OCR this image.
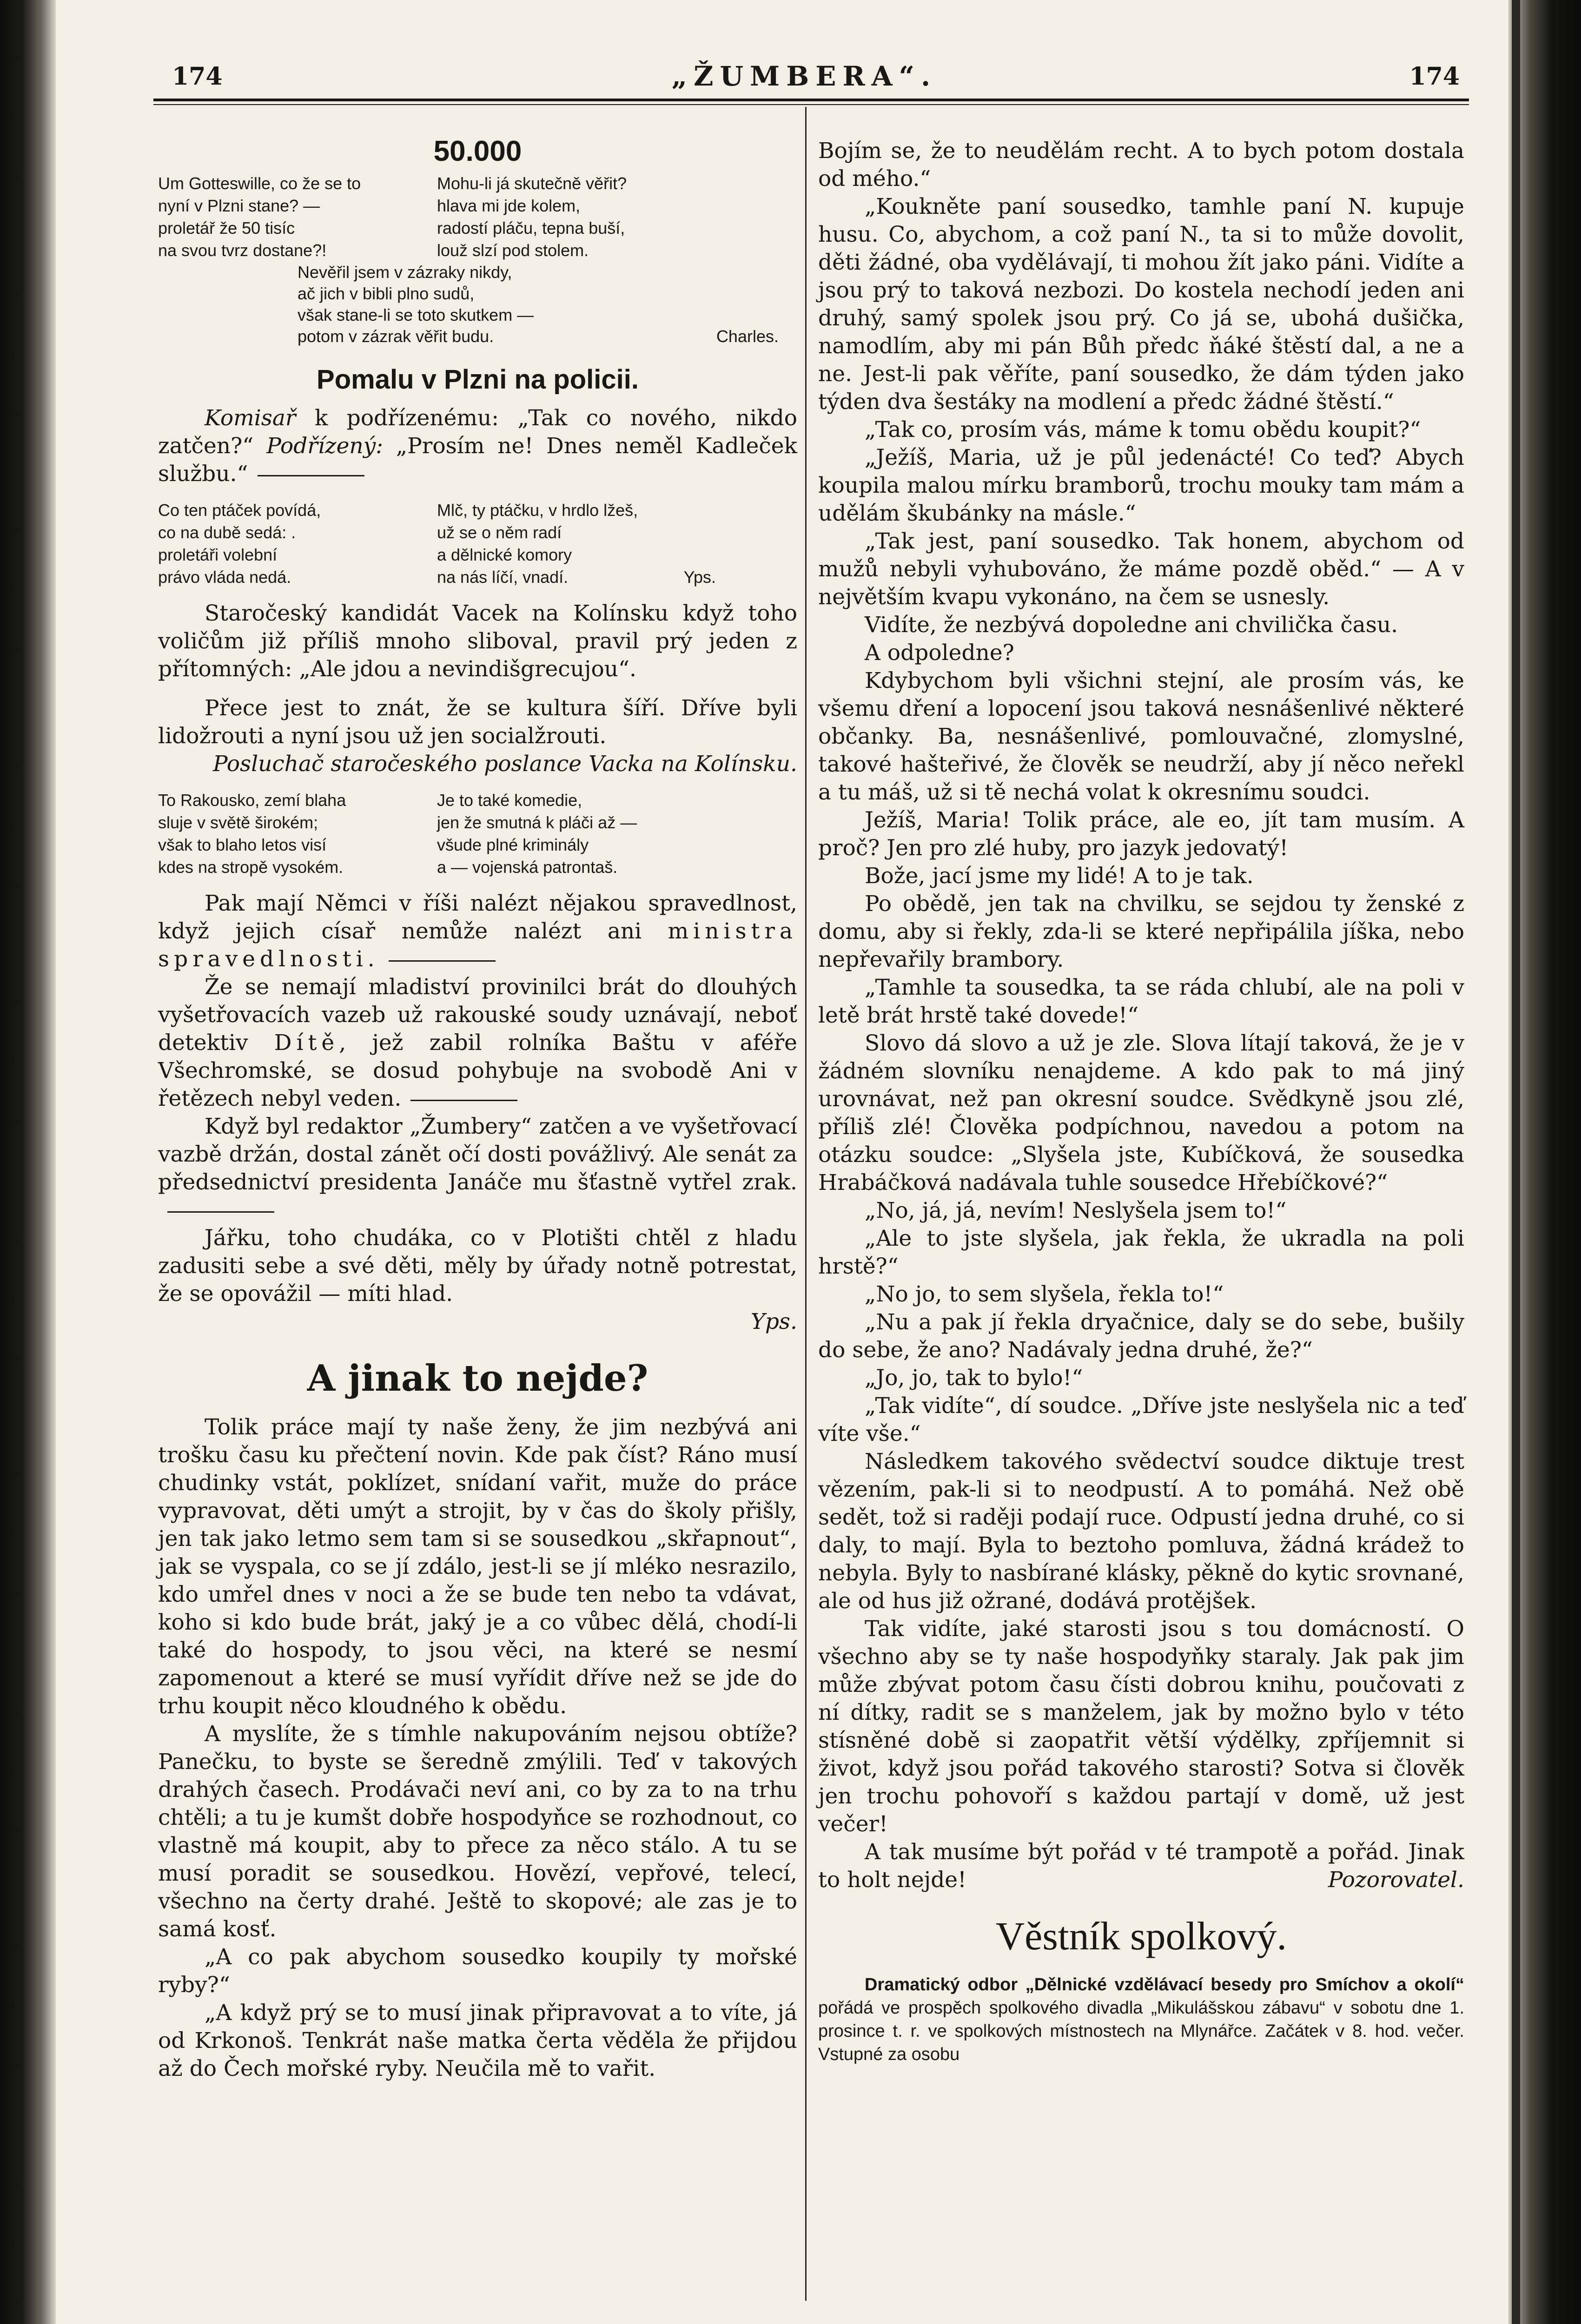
174	„ŽUMBERA“.	174
50.000
Um Gotteswille, co že se to
nyní v Plzni stane? —
proletář že 50 tisíc
na svou tvrz dostane?!
Mohu-li já skutečně věřit?
hlava mi jde kolem,
radostí pláču, tepna buší,
louž slzí pod stolem.
Nevěřil jsem v zázraky nikdy,
ač jich v bibli plno sudů,
však stane-li se toto skutkem —
potom v zázrak věřit budu.	Charles.
Pomalu v Plzni na policii.

Komisař k podřízenému: „Tak co nového, nikdo zatčen?“ Podřízený: „Prosím ne! Dnes neměl Kadleček službu.“

Co ten ptáček povídá,
co na dubě sedá: .
proletáři volební
právo vláda nedá.
Mlč, ty ptáčku, v hrdlo lžeš,
už se o něm radí
a dělnické komory
na nás líčí, vnadí.	Yps.

Staročeský kandidát Vacek na Kolínsku když toho voličům již příliš mnoho sliboval, pravil prý jeden z přítomných: „Ale jdou a nevindišgrecujou“.

Přece jest to znát, že se kultura šíří. Dříve byli lidožrouti a nyní jsou už jen socialžrouti.

Posluchač staročeského poslance Vacka na Kolínsku.

To Rakousko, zemí blaha
sluje v světě širokém;
však to blaho letos visí
kdes na stropě vysokém.
Je to také komedie,
jen že smutná k pláči až —
všude plné kriminály
a — vojenská patrontaš.

Pak mají Němci v říši nalézt nějakou spravedlnost, když jejich císař nemůže nalézt ani ministra spravedlnosti.

Že se nemají mladiství provinilci brát do dlouhých vyšetřovacích vazeb už rakouské soudy uznávají, neboť detektiv Dítě, jež zabil rolníka Baštu v aféře Všechromské, se dosud pohybuje na svobodě Ani v řetězech nebyl veden.

Když byl redaktor „Žumbery“ zatčen a ve vyšetřovací vazbě držán, dostal zánět očí dosti povážlivý. Ale senát za předsednictví presidenta Janáče mu šťastně vytřel zrak.

Jářku, toho chudáka, co v Plotišti chtěl z hladu zadusiti sebe a své děti, měly by úřady notně potrestat, že se opovážil — míti hlad.

Yps.

A jinak to nejde?

Tolik práce mají ty naše ženy, že jim nezbývá ani trošku času ku přečtení novin. Kde pak číst? Ráno musí chudinky vstát, poklízet, snídaní vařit, muže do práce vypravovat, děti umýt a strojit, by v čas do školy přišly, jen tak jako letmo sem tam si se sousedkou „skřapnout“, jak se vyspala, co se jí zdálo, jest-li se jí mléko nesrazilo, kdo umřel dnes v noci a že se bude ten nebo ta vdávat, koho si kdo bude brát, jaký je a co vůbec dělá, chodí-li také do hospody, to jsou věci, na které se nesmí zapomenout a které se musí vyřídit dříve než se jde do trhu koupit něco kloudného k obědu.

A myslíte, že s tímhle nakupováním nejsou obtíže? Panečku, to byste se šeredně zmýlili. Teď v takových drahých časech. Prodávači neví ani, co by za to na trhu chtěli; a tu je kumšt dobře hospodyňce se rozhodnout, co vlastně má koupit, aby to přece za něco stálo. A tu se musí poradit se sousedkou. Hovězí, vepřové, telecí, všechno na čerty drahé. Ještě to skopové; ale zas je to samá kosť.

„A co pak abychom sousedko koupily ty mořské ryby?“

„A když prý se to musí jinak připravovat a to víte, já od Krkonoš. Tenkrát naše matka čerta věděla že přijdou až do Čech mořské ryby. Neučila mě to vařit.

Bojím se, že to neudělám recht. A to bych potom dostala od mého.“

„Koukněte paní sousedko, tamhle paní N. kupuje husu. Co, abychom, a což paní N., ta si to může dovolit, děti žádné, oba vydělávají, ti mohou žít jako páni. Vidíte a jsou prý to taková nezbozi. Do kostela nechodí jeden ani druhý, samý spolek jsou prý. Co já se, ubohá dušička, namodlím, aby mi pán Bůh předc ňáké štěstí dal, a ne a ne. Jest-li pak věříte, paní sousedko, že dám týden jako týden dva šestáky na modlení a předc žádné štěstí.“

„Tak co, prosím vás, máme k tomu obědu koupit?“

„Ježíš, Maria, už je půl jedenácté! Co teď? Abych koupila malou mírku bramborů, trochu mouky tam mám a udělám škubánky na másle.“

„Tak jest, paní sousedko. Tak honem, abychom od mužů nebyli vyhubováno, že máme pozdě oběd.“ — A v největším kvapu vykonáno, na čem se usnesly.

Vidíte, že nezbývá dopoledne ani chvilička času.

A odpoledne?

Kdybychom byli všichni stejní, ale prosím vás, ke všemu dření a lopocení jsou taková nesnášenlivé některé občanky. Ba, nesnášenlivé, pomlouvačné, zlomyslné, takové hašteřivé, že člověk se neudrží, aby jí něco neřekl a tu máš, už si tě nechá volat k okresnímu soudci.

Ježíš, Maria! Tolik práce, ale eo, jít tam musím. A proč? Jen pro zlé huby, pro jazyk jedovatý!

Bože, jací jsme my lidé! A to je tak.

Po obědě, jen tak na chvilku, se sejdou ty ženské z domu, aby si řekly, zda-li se které nepřipálila jíška, nebo nepřevařily brambory.

„Tamhle ta sousedka, ta se ráda chlubí, ale na poli v letě brát hrstě také dovede!“

Slovo dá slovo a už je zle. Slova lítají taková, že je v žádném slovníku nenajdeme. A kdo pak to má jiný urovnávat, než pan okresní soudce. Svědkyně jsou zlé, příliš zlé! Člověka podpíchnou, navedou a potom na otázku soudce: „Slyšela jste, Kubíčková, že sousedka Hrabáčková nadávala tuhle sousedce Hřebíčkové?“

„No, já, já, nevím! Neslyšela jsem to!“

„Ale to jste slyšela, jak řekla, že ukradla na poli hrstě?“

„No jo, to sem slyšela, řekla to!“

„Nu a pak jí řekla dryačnice, daly se do sebe, bušily do sebe, že ano? Nadávaly jedna druhé, že?“

„Jo, jo, tak to bylo!“

„Tak vidíte“, dí soudce. „Dříve jste neslyšela nic a teď víte vše.“

Následkem takového svědectví soudce diktuje trest vězením, pak-li si to neodpustí. A to pomáhá. Než obě sedět, tož si raději podají ruce. Odpustí jedna druhé, co si daly, to mají. Byla to beztoho pomluva, žádná krádež to nebyla. Byly to nasbírané klásky, pěkně do kytic srovnané, ale od hus již ožrané, dodává protějšek.

Tak vidíte, jaké starosti jsou s tou domácností. O všechno aby se ty naše hospodyňky staraly. Jak pak jim může zbývat potom času čísti dobrou knihu, poučovati z ní dítky, radit se s manželem, jak by možno bylo v této stísněné době si zaopatřit větší výdělky, zpříjemnit si život, když jsou pořád takového starosti? Sotva si člověk jen trochu pohovoří s každou partají v domě, už jest večer!

A tak musíme být pořád v té trampotě a pořád. Jinak to holt nejde!	Pozorovatel.

Věstník spolkový.

Dramatický odbor „Dělnické vzdělávací besedy pro Smíchov a okolí“ pořádá ve prospěch spolkového divadla „Mikulášskou zábavu“ v sobotu dne 1. prosince t. r. ve spolkových místnostech na Mlynářce. Začátek v 8. hod. večer. Vstupné za osobu
